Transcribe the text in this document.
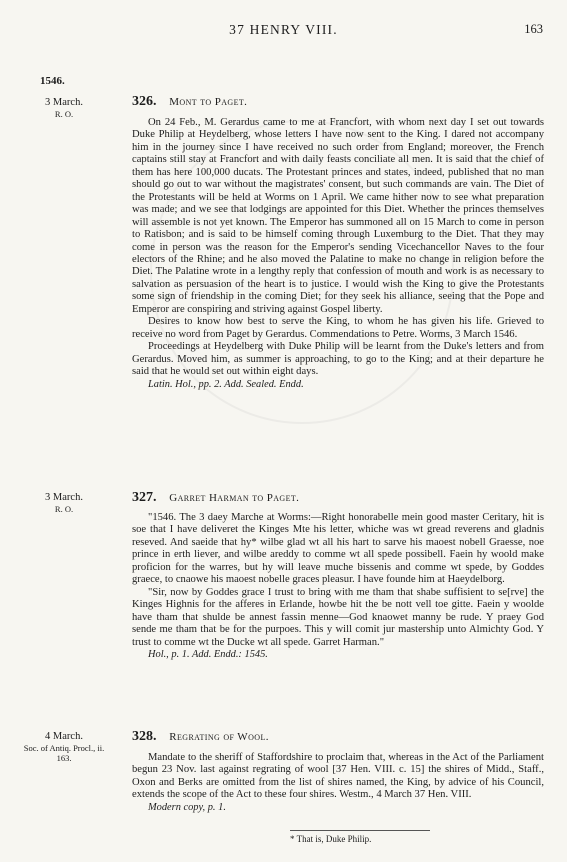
37 HENRY VIII.	163
1546.
3 March.
R. O.
326. Mont to Paget.

On 24 Feb., M. Gerardus came to me at Francfort, with whom next day I set out towards Duke Philip at Heydelberg, whose letters I have now sent to the King. I dared not accompany him in the journey since I have received no such order from England; moreover, the French captains still stay at Francfort and with daily feasts conciliate all men. It is said that the chief of them has here 100,000 ducats. The Protestant princes and states, indeed, published that no man should go out to war without the magistrates' consent, but such commands are vain. The Diet of the Protestants will be held at Worms on 1 April. We came hither now to see what preparation was made; and we see that lodgings are appointed for this Diet. Whether the princes themselves will assemble is not yet known. The Emperor has summoned all on 15 March to come in person to Ratisbon; and is said to be himself coming through Luxemburg to the Diet. That they may come in person was the reason for the Emperor's sending Vicechancellor Naves to the four electors of the Rhine; and he also moved the Palatine to make no change in religion before the Diet. The Palatine wrote in a lengthy reply that confession of mouth and work is as necessary to salvation as persuasion of the heart is to justice. I would wish the King to give the Protestants some sign of friendship in the coming Diet; for they seek his alliance, seeing that the Pope and Emperor are conspiring and striving against Gospel liberty.

Desires to know how best to serve the King, to whom he has given his life. Grieved to receive no word from Paget by Gerardus. Commendations to Petre. Worms, 3 March 1546.

Proceedings at Heydelberg with Duke Philip will be learnt from the Duke's letters and from Gerardus. Moved him, as summer is approaching, to go to the King; and at their departure he said that he would set out within eight days.

Latin. Hol., pp. 2. Add. Sealed. Endd.
3 March.
R. O.
327. Garret Harman to Paget.

"1546. The 3 daey Marche at Worms:—Right honorabelle mein good master Ceritary, hit is soe that I have deliveret the Kinges Mte his letter, whiche was wt gread reverens and gladnis reseved. And saeide that hy* wilbe glad wt all his hart to sarve his maoest nobell Graesse, noe prince in erth liever, and wilbe areddy to comme wt all spede possibell. Faein hy woold make proficion for the warres, but hy will leave muche bissenis and comme wt spede, by Goddes graece, to cnaowe his maoest nobelle graces pleasur. I have founde him at Haeydelborg.

"Sir, now by Goddes grace I trust to bring with me tham that shabe suffisient to se[rve] the Kinges Highnis for the afferes in Erlande, howbe hit the be nott vell toe gitte. Faein y woolde have tham that shulde be annest fassin menne—God knaowet manny be rude. Y praey God sende me tham that be for the purpoes. This y will comit jur mastership unto Almichty God. Y trust to comme wt the Ducke wt all spede. Garret Harman."

Hol., p. 1. Add. Endd.: 1545.
4 March.
Soc. of Antiq. Procl., ii. 163.
328. Regrating of Wool.

Mandate to the sheriff of Staffordshire to proclaim that, whereas in the Act of the Parliament begun 23 Nov. last against regrating of wool [37 Hen. VIII. c. 15] the shires of Midd., Staff., Oxon and Berks are omitted from the list of shires named, the King, by advice of his Council, extends the scope of the Act to these four shires. Westm., 4 March 37 Hen. VIII.

Modern copy, p. 1.
* That is, Duke Philip.
